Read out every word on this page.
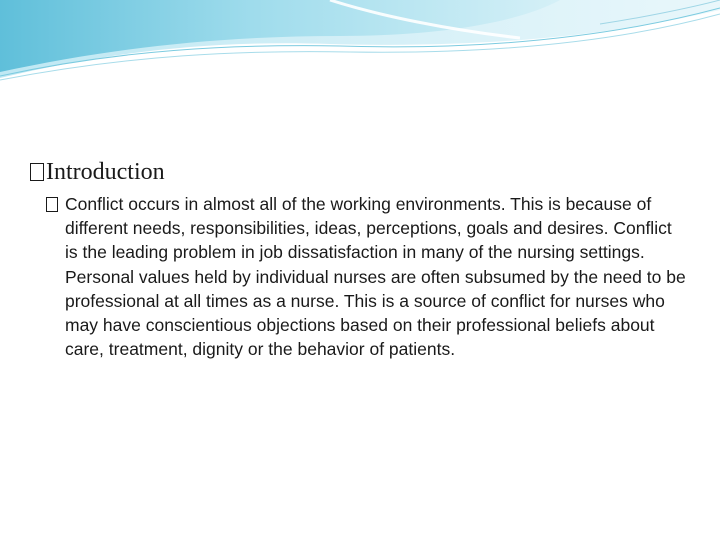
Introduction
Conflict occurs in almost all of the working environments. This is because of different needs, responsibilities, ideas, perceptions, goals and desires. Conflict is the leading problem in job dissatisfaction in many of the nursing settings. Personal values held by individual nurses are often subsumed by the need to be professional at all times as a nurse. This is a source of conflict for nurses who may have conscientious objections based on their professional beliefs about care, treatment, dignity or the behavior of patients.
